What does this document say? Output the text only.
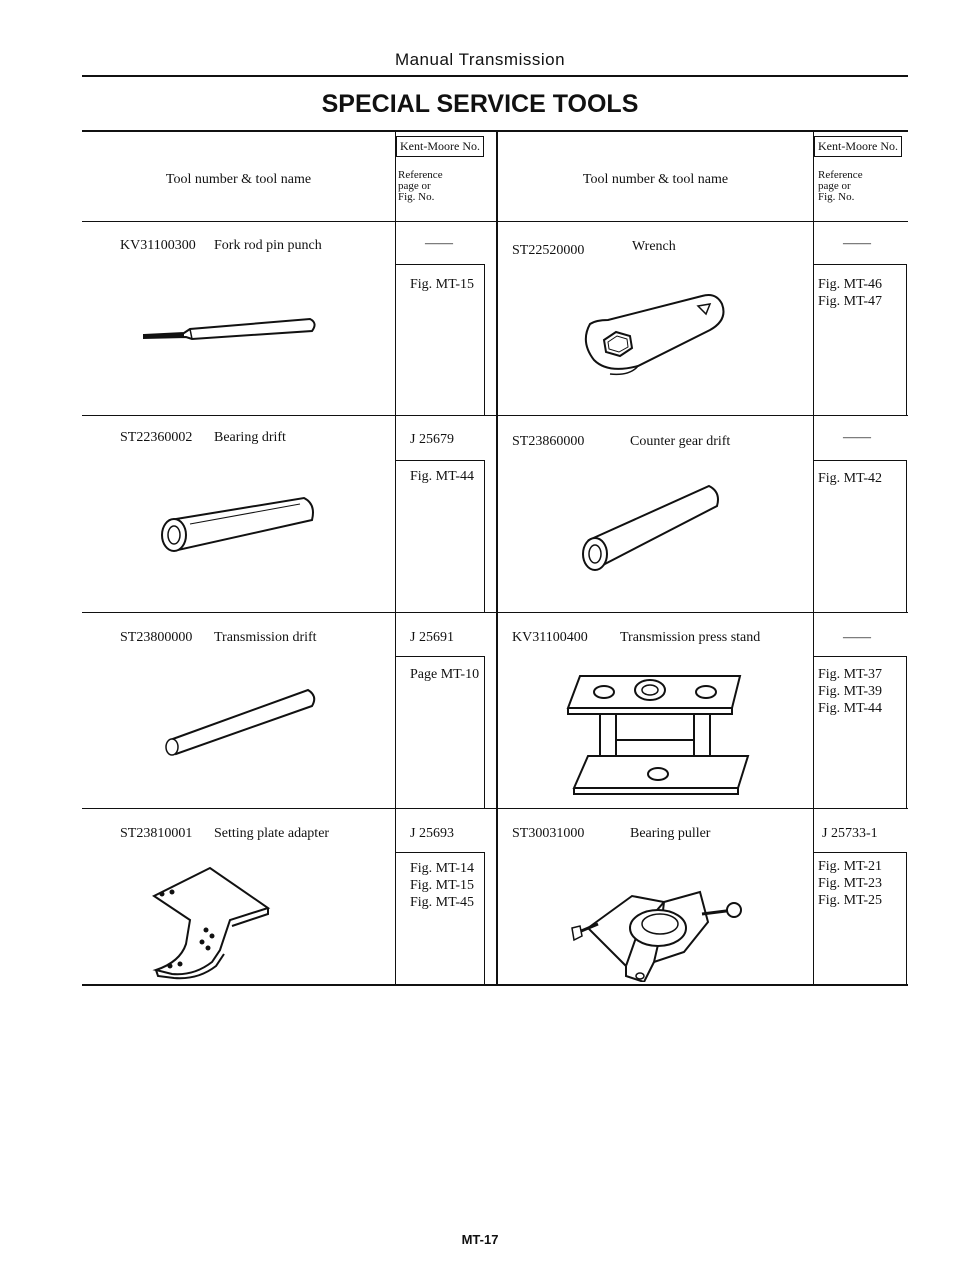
Manual Transmission
SPECIAL SERVICE TOOLS
Tool number & tool name
Kent-Moore No.
Reference
page or
Fig. No.
Tool number & tool name
Kent-Moore No.
Reference
page or
Fig. No.
KV31100300 Fork rod pin punch	——
Fig. MT-15
ST22520000	Wrench	——
Fig. MT-46
Fig. MT-47
ST22360002 Bearing drift	J 25679
Fig. MT-44
ST23860000	Counter gear drift	——
Fig. MT-42
ST23800000 Transmission drift	J 25691
Page MT-10
KV31100400 Transmission press stand	——
Fig. MT-37
Fig. MT-39
Fig. MT-44
ST23810001 Setting plate adapter	J 25693
Fig. MT-14
Fig. MT-15
Fig. MT-45
ST30031000	Bearing puller	J 25733-1
Fig. MT-21
Fig. MT-23
Fig. MT-25
MT-17
